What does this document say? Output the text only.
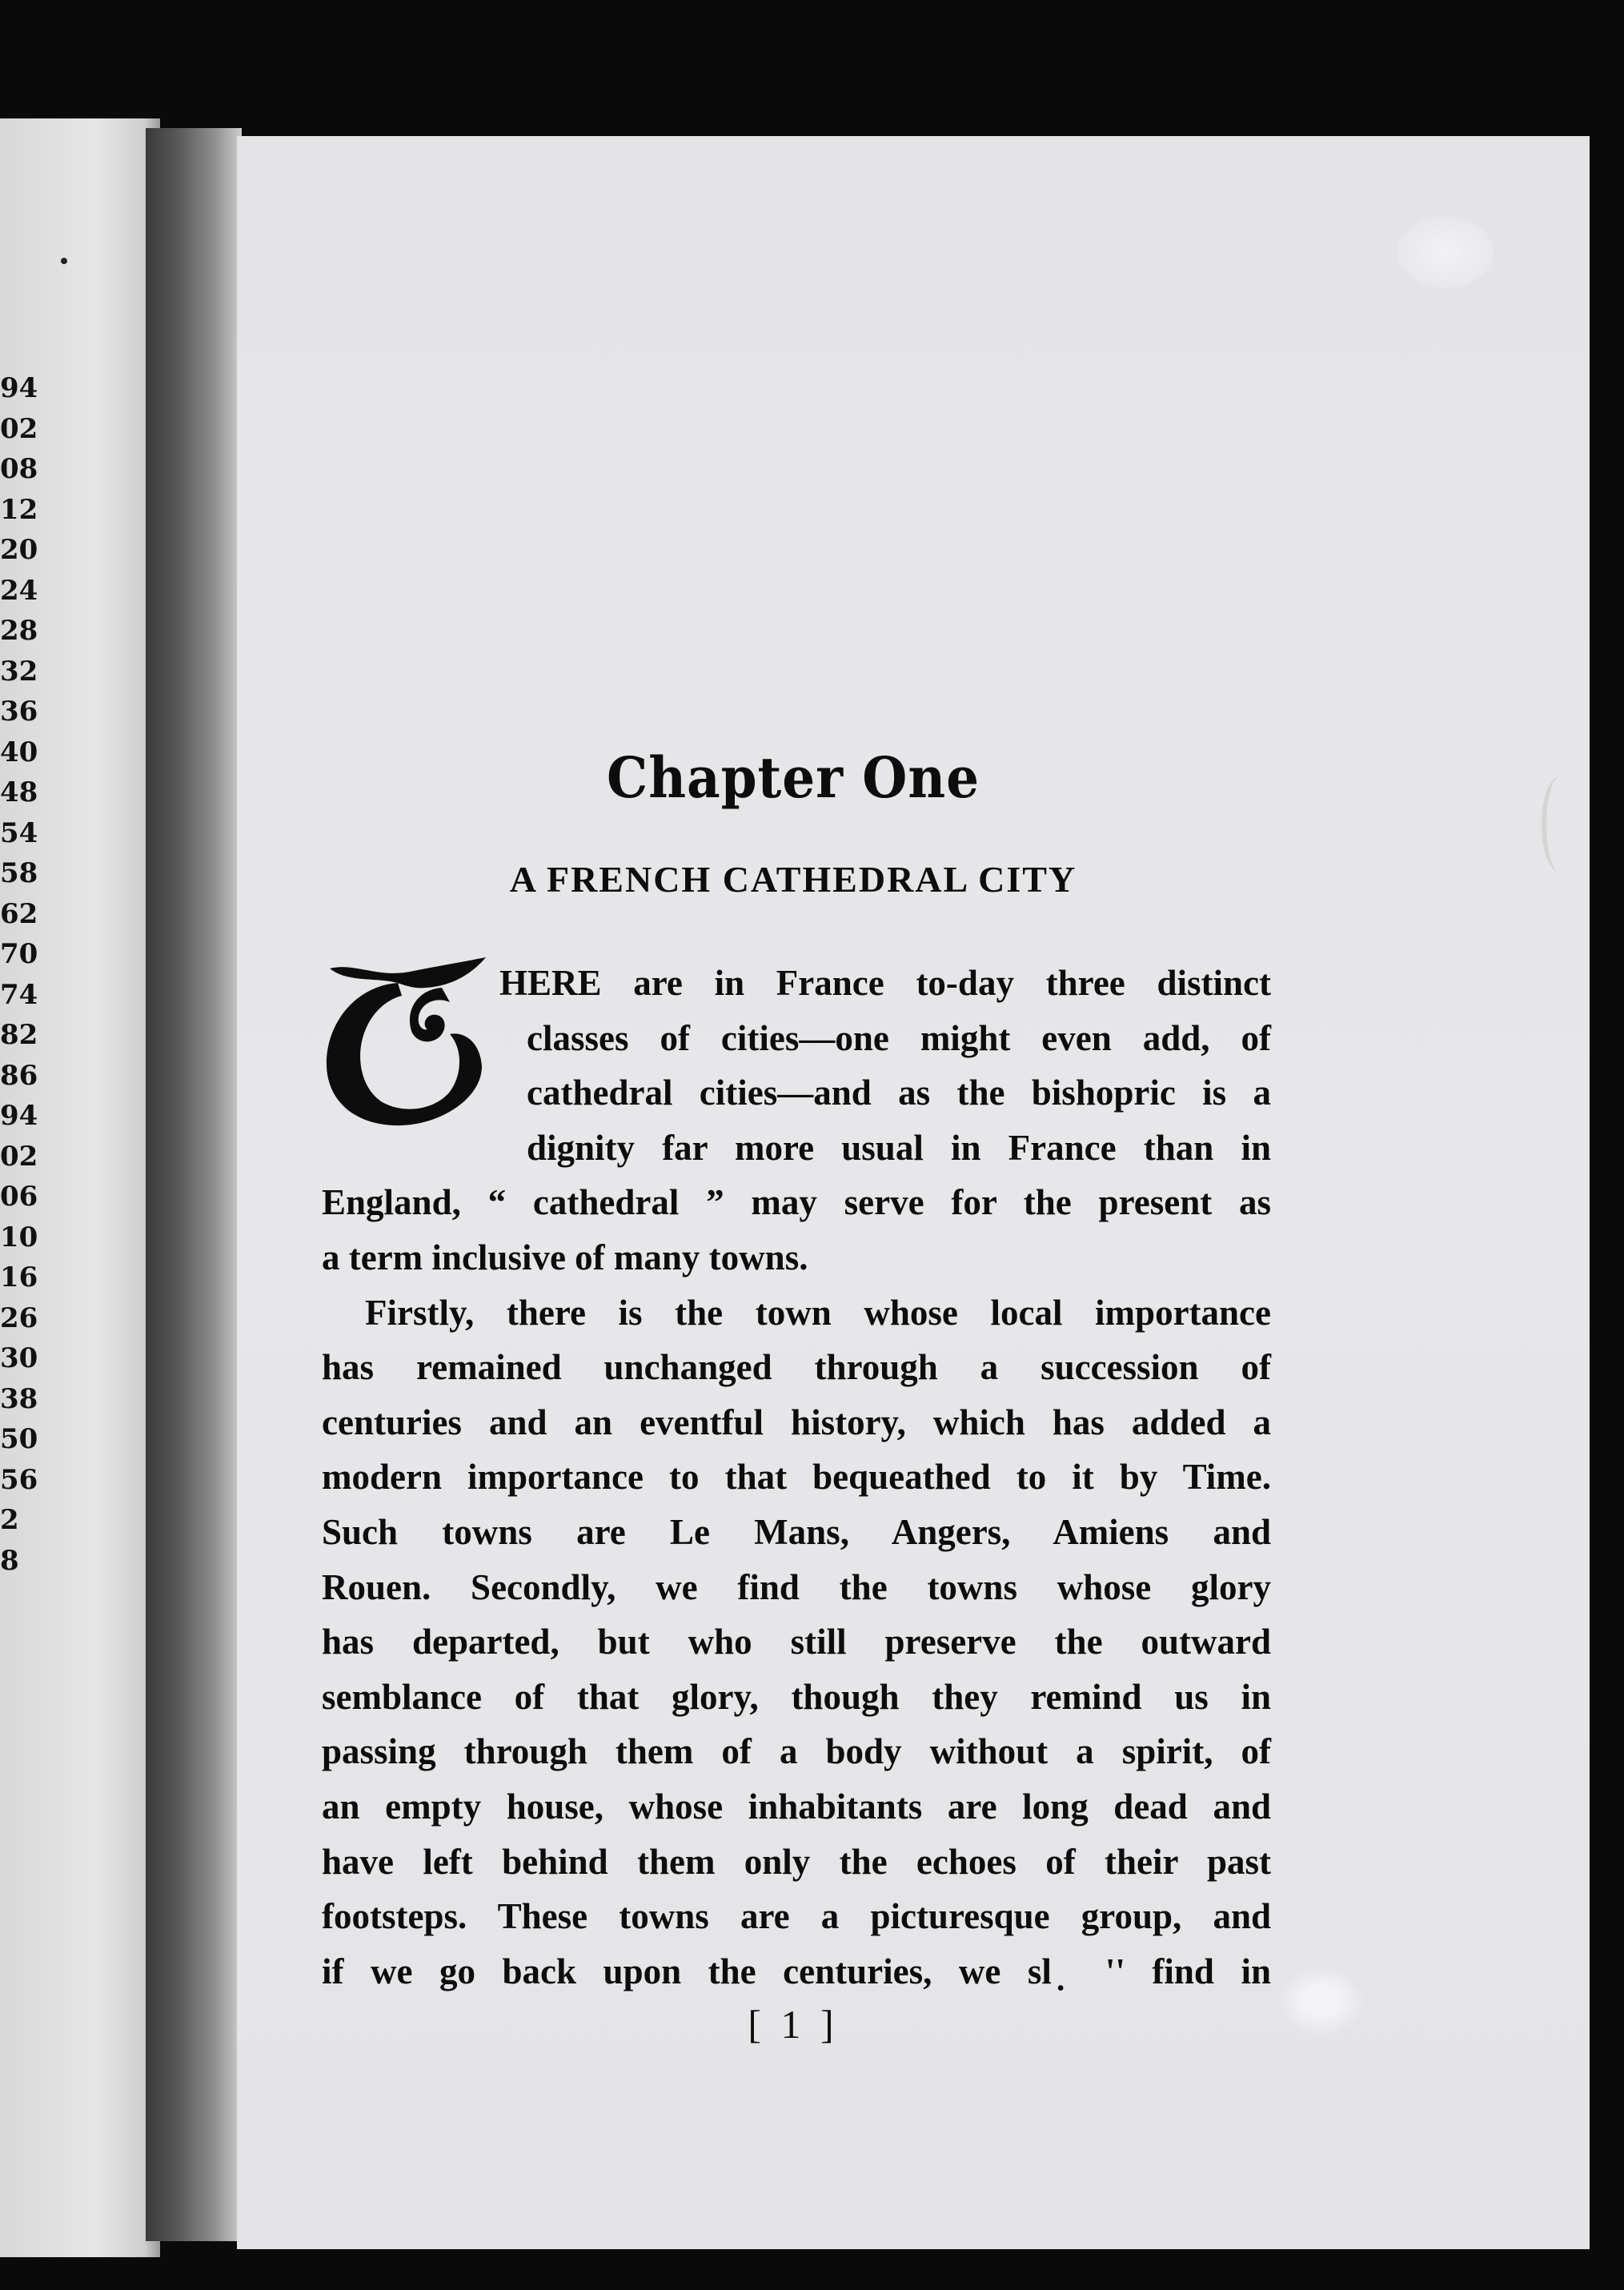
94
02
08
12
20
24
28
32
36
40
48
54
58
62
70
74
82
86
94
02
06
10
16
26
30
38
50
56
2
8
Chapter One
A FRENCH CATHEDRAL CITY
HERE are in France to-day three distinct
classes of cities—one might even add, of
cathedral cities—and as the bishopric is a
dignity far more usual in France than in
England, “ cathedral ” may serve for the present as
a term inclusive of many towns.
Firstly, there is the town whose local importance
has remained unchanged through a succession of
centuries and an eventful history, which has added a
modern importance to that bequeathed to it by Time.
Such towns are Le Mans, Angers, Amiens and
Rouen. Secondly, we find the towns whose glory
has departed, but who still preserve the outward
semblance of that glory, though they remind us in
passing through them of a body without a spirit, of
an empty house, whose inhabitants are long dead and
have left behind them only the echoes of their past
footsteps. These towns are a picturesque group, and
if we go back upon the centuries, we sl ̣ '' find in
[ 1 ]
